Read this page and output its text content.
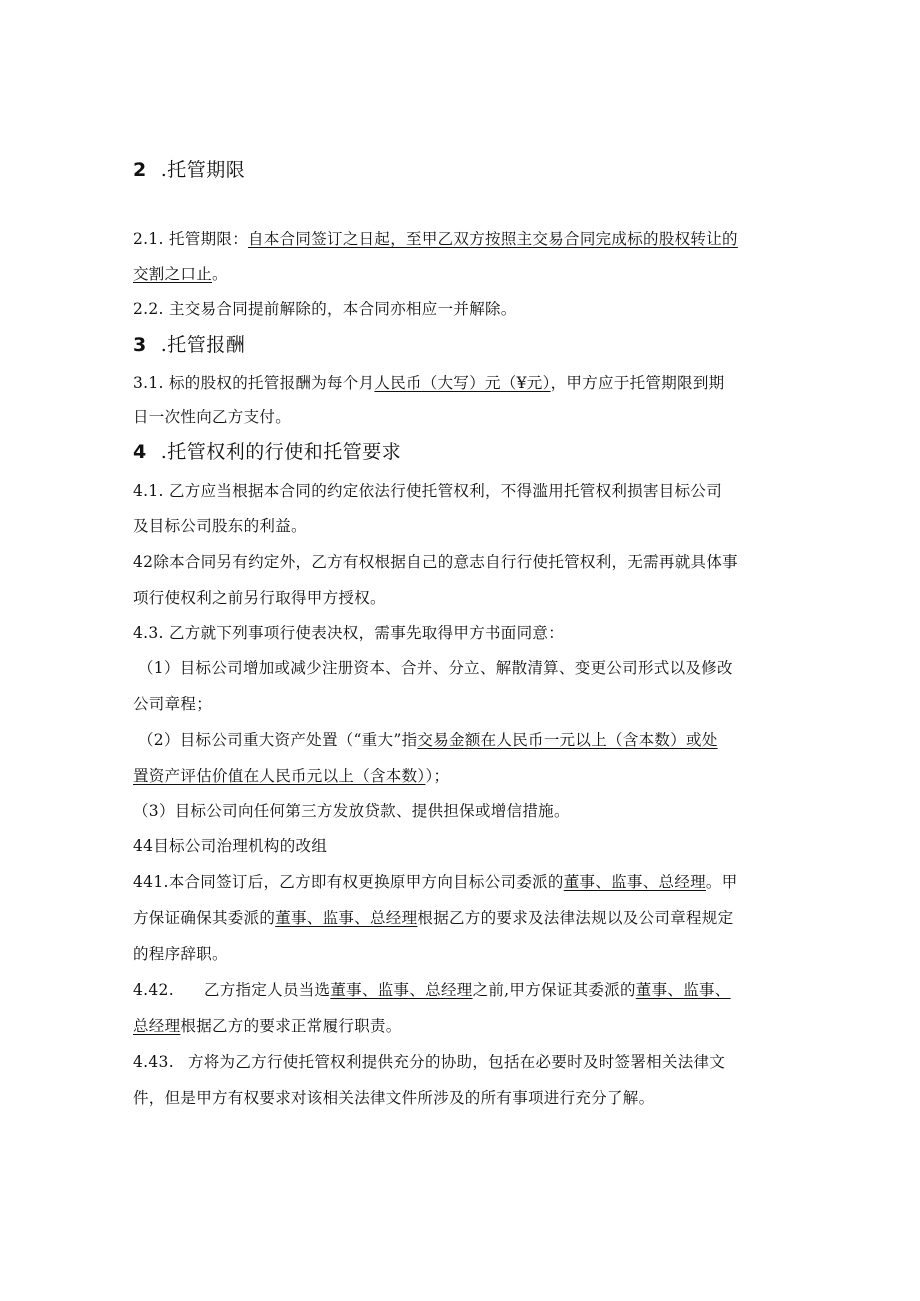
2 .托管期限
2.1. 托管期限：自本合同签订之日起，至甲乙双方按照主交易合同完成标的股权转让的
交割之口止。
2.2. 主交易合同提前解除的，本合同亦相应一并解除。
3 .托管报酬
3.1. 标的股权的托管报酬为每个月人民币（大写）元（¥元），甲方应于托管期限到期
日一次性向乙方支付。
4 .托管权利的行使和托管要求
4.1. 乙方应当根据本合同的约定依法行使托管权利，不得滥用托管权利损害目标公司
及目标公司股东的利益。
42除本合同另有约定外，乙方有权根据自己的意志自行行使托管权利，无需再就具体事
项行使权利之前另行取得甲方授权。
4.3. 乙方就下列事项行使表决权，需事先取得甲方书面同意：
（1）目标公司增加或减少注册资本、合并、分立、解散清算、变更公司形式以及修改
公司章程；
（2）目标公司重大资产处置（“重大”指交易金额在人民币一元以上（含本数）或处
置资产评估价值在人民币元以上（含本数））；
（3）目标公司向任何第三方发放贷款、提供担保或增信措施。
44目标公司治理机构的改组
441.本合同签订后，乙方即有权更换原甲方向目标公司委派的董事、监事、总经理。甲
方保证确保其委派的董事、监事、总经理根据乙方的要求及法律法规以及公司章程规定
的程序辞职。
4.42. 乙方指定人员当选董事、监事、总经理之前,甲方保证其委派的董事、监事、
总经理根据乙方的要求正常履行职责。
4.43. 方将为乙方行使托管权利提供充分的协助，包括在必要时及时签署相关法律文
件，但是甲方有权要求对该相关法律文件所涉及的所有事项进行充分了解。
